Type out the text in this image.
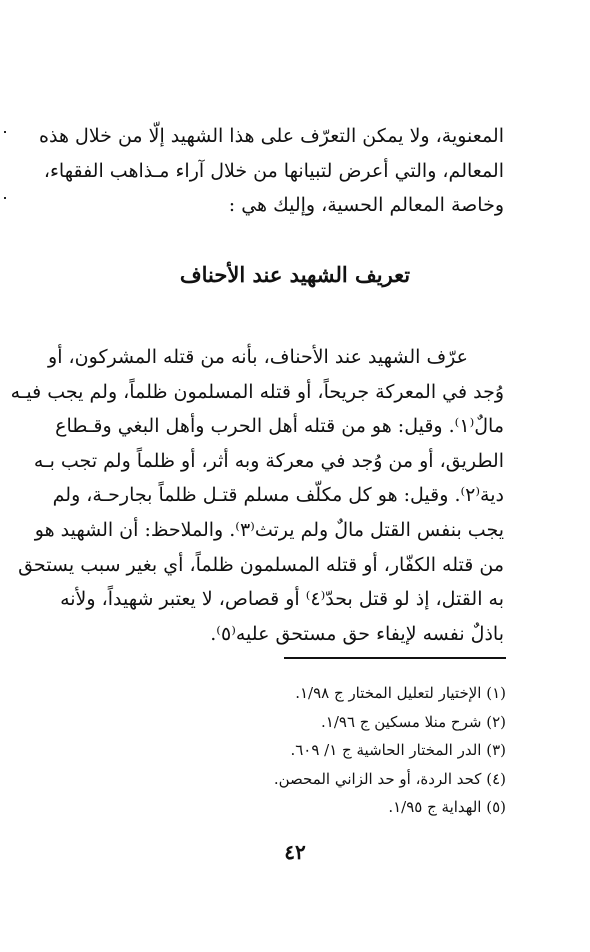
المعنوية، ولا يمكن التعرّف على هذا الشهيد إلّا من خلال هذه
المعالم، والتي أعرض لتبيانها من خلال آراء مـذاهب الفقهاء،
وخاصة المعالم الحسية، وإليك هي :
تعريف الشهيد عند الأحناف
عرّف الشهيد عند الأحناف، بأنه من قتله المشركون، أو
وُجد في المعركة جريحاً، أو قتله المسلمون ظلماً، ولم يجب فيـه
مالٌ⁽١⁾. وقيل: هو من قتله أهل الحرب وأهل البغي وقـطاع
الطريق، أو من وُجد في معركة وبه أثر، أو ظلماً ولم تجب بـه
دية⁽٢⁾. وقيل: هو كل مكلّف مسلم قتـل ظلماً بجارحـة، ولم
يجب بنفس القتل مالٌ ولم يرتث⁽٣⁾. والملاحظ: أن الشهيد هو
من قتله الكفّار، أو قتله المسلمون ظلماً، أي بغير سبب يستحق
به القتل، إذ لو قتل بحدّ⁽٤⁾ أو قصاص، لا يعتبر شهيداً، ولأنه
باذلٌ نفسه لإيفاء حق مستحق عليه⁽٥⁾.
(١) الإختيار لتعليل المختار ج ١/٩٨.
(٢) شرح منلا مسكين ج ١/٩٦.
(٣) الدر المختار الحاشية ج ١/ ٦٠٩.
(٤) كحد الردة، أو حد الزاني المحصن.
(٥) الهداية ج ١/٩٥.
٤٢
